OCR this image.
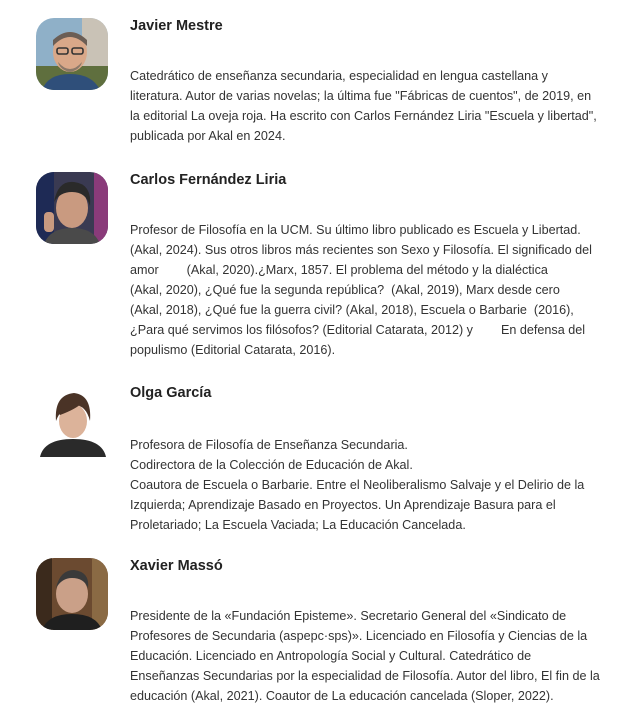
Javier Mestre

Catedrático de enseñanza secundaria, especialidad en lengua castellana y literatura. Autor de varias novelas; la última fue "Fábricas de cuentos", de 2019, en la editorial La oveja roja. Ha escrito con Carlos Fernández Liria "Escuela y libertad", publicada por Akal en 2024.

Carlos Fernández Liria

Profesor de Filosofía en la UCM. Su último libro publicado es Escuela y Libertad. (Akal, 2024). Sus otros libros más recientes son Sexo y Filosofía. El significado del amor        (Akal, 2020).¿Marx, 1857. El problema del método y la dialéctica          (Akal, 2020), ¿Qué fue la segunda república?  (Akal, 2019), Marx desde cero        (Akal, 2018), ¿Qué fue la guerra civil? (Akal, 2018), Escuela o Barbarie  (2016), ¿Para qué servimos los filósofos? (Editorial Catarata, 2012) y        En defensa del populismo (Editorial Catarata, 2016).

Olga García

Profesora de Filosofía de Enseñanza Secundaria.

Codirectora de la Colección de Educación de Akal.

Coautora de Escuela o Barbarie. Entre el Neoliberalismo Salvaje y el Delirio de la Izquierda; Aprendizaje Basado en Proyectos. Un Aprendizaje Basura para el Proletariado; La Escuela Vaciada; La Educación Cancelada.

Xavier Massó

Presidente de la «Fundación Episteme». Secretario General del «Sindicato de Profesores de Secundaria (aspepc·sps)». Licenciado en Filosofía y Ciencias de la Educación. Licenciado en Antropología Social y Cultural. Catedrático de Enseñanzas Secundarias por la especialidad de Filosofía. Autor del libro, El fin de la educación (Akal, 2021). Coautor de La educación cancelada (Sloper, 2022).
